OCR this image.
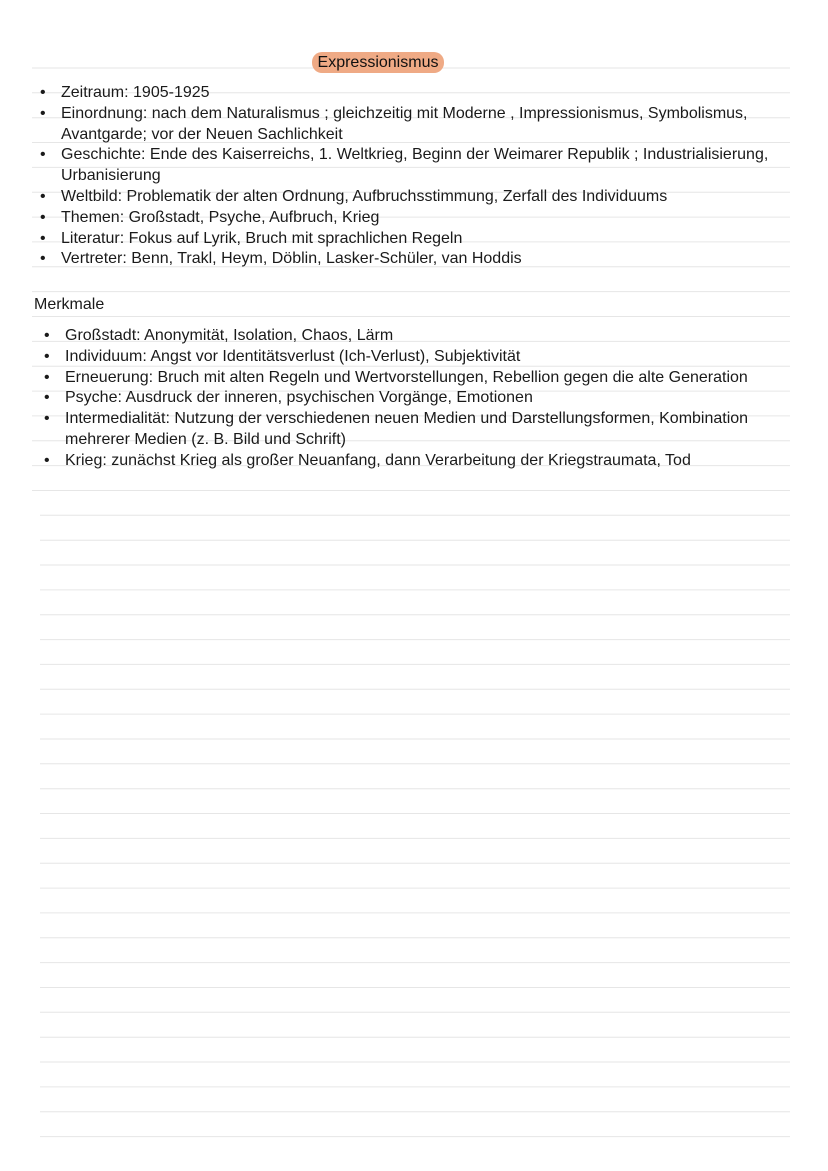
Expressionismus
• Zeitraum: 1905-1925
• Einordnung: nach dem Naturalismus ; gleichzeitig mit Moderne , Impressionismus, Symbolismus, Avantgarde; vor der Neuen Sachlichkeit
• Geschichte: Ende des Kaiserreichs, 1. Weltkrieg, Beginn der Weimarer Republik ; Industrialisierung, Urbanisierung
• Weltbild: Problematik der alten Ordnung, Aufbruchsstimmung, Zerfall des Individuums
• Themen: Großstadt, Psyche, Aufbruch, Krieg
• Literatur: Fokus auf Lyrik, Bruch mit sprachlichen Regeln
• Vertreter: Benn, Trakl, Heym, Döblin, Lasker-Schüler, van Hoddis
Merkmale
• Großstadt: Anonymität, Isolation, Chaos, Lärm
• Individuum: Angst vor Identitätsverlust (Ich-Verlust), Subjektivität
• Erneuerung: Bruch mit alten Regeln und Wertvorstellungen, Rebellion gegen die alte Generation
• Psyche: Ausdruck der inneren, psychischen Vorgänge, Emotionen
• Intermedialität: Nutzung der verschiedenen neuen Medien und Darstellungsformen, Kombination mehrerer Medien (z. B. Bild und Schrift)
• Krieg: zunächst Krieg als großer Neuanfang, dann Verarbeitung der Kriegstraumata, Tod
